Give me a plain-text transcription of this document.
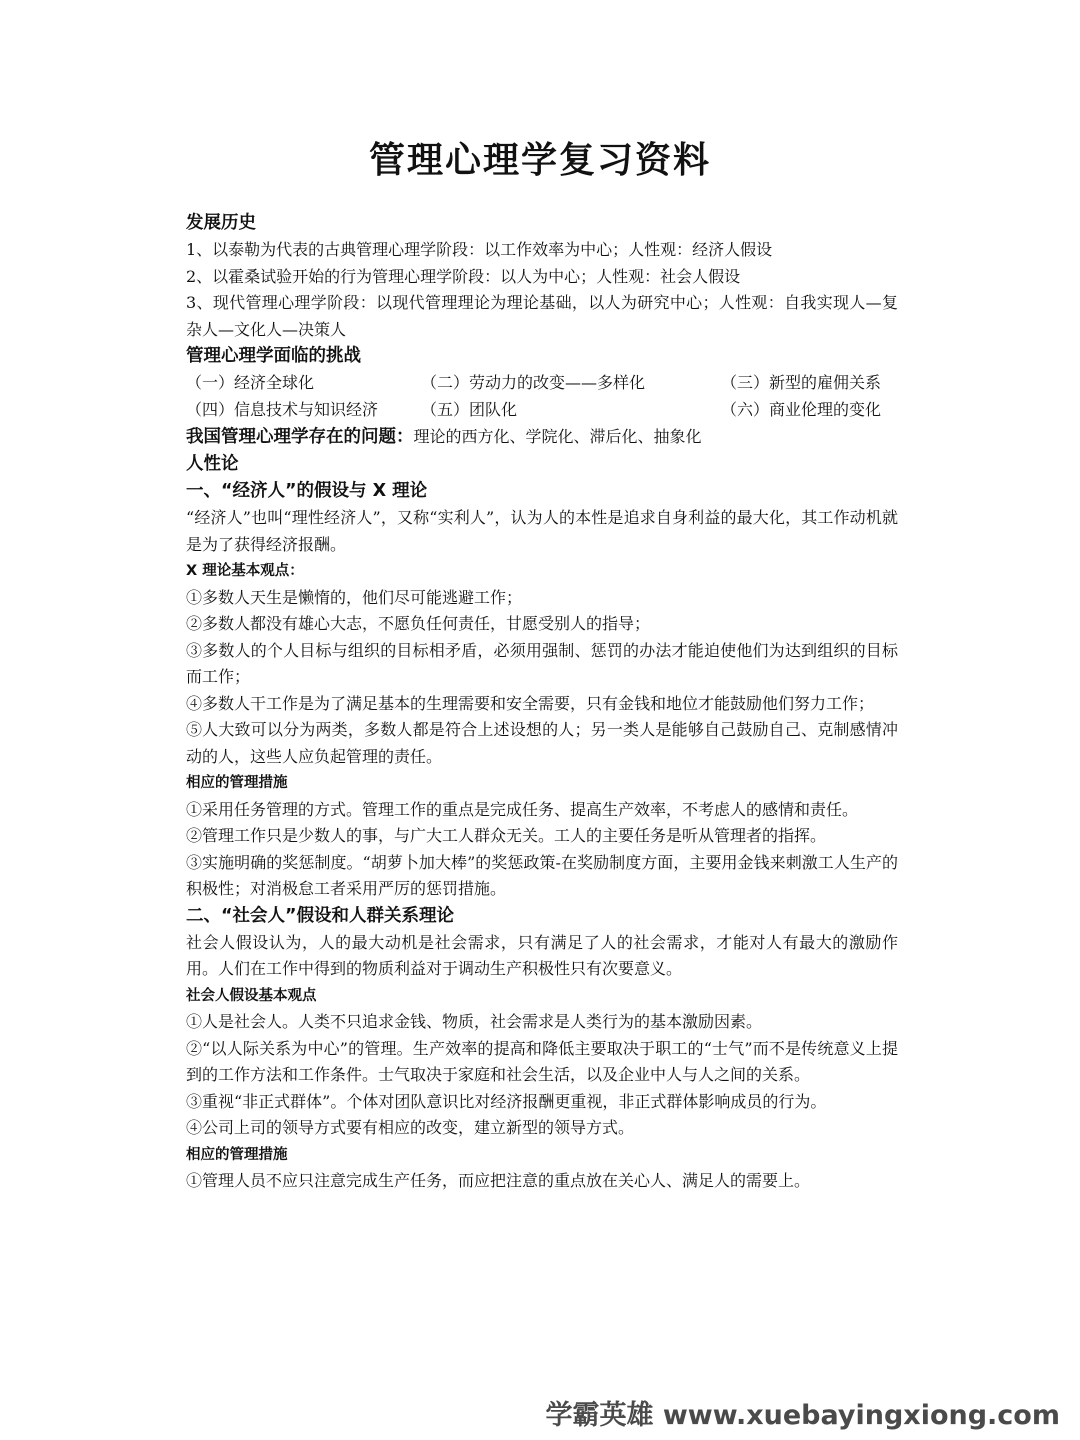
管理心理学复习资料

发展历史

1、以泰勒为代表的古典管理心理学阶段：以工作效率为中心；人性观：经济人假设

2、以霍桑试验开始的行为管理心理学阶段：以人为中心；人性观：社会人假设

3、现代管理心理学阶段：以现代管理理论为理论基础，以人为研究中心；人性观：自我实现人—复杂人—文化人—决策人

管理心理学面临的挑战

（一）经济全球化	（二）劳动力的改变——多样化	（三）新型的雇佣关系
（四）信息技术与知识经济	（五）团队化	（六）商业伦理的变化

我国管理心理学存在的问题：理论的西方化、学院化、滞后化、抽象化

人性论

一、“经济人”的假设与 X 理论

“经济人”也叫“理性经济人”，又称“实利人”，认为人的本性是追求自身利益的最大化，其工作动机就是为了获得经济报酬。

X 理论基本观点：

①多数人天生是懒惰的，他们尽可能逃避工作；

②多数人都没有雄心大志，不愿负任何责任，甘愿受别人的指导；

③多数人的个人目标与组织的目标相矛盾，必须用强制、惩罚的办法才能迫使他们为达到组织的目标而工作；

④多数人干工作是为了满足基本的生理需要和安全需要，只有金钱和地位才能鼓励他们努力工作；

⑤人大致可以分为两类，多数人都是符合上述设想的人；另一类人是能够自己鼓励自己、克制感情冲动的人，这些人应负起管理的责任。

相应的管理措施

①采用任务管理的方式。管理工作的重点是完成任务、提高生产效率，不考虑人的感情和责任。

②管理工作只是少数人的事，与广大工人群众无关。工人的主要任务是听从管理者的指挥。

③实施明确的奖惩制度。“胡萝卜加大棒”的奖惩政策-在奖励制度方面，主要用金钱来刺激工人生产的积极性；对消极怠工者采用严厉的惩罚措施。

二、“社会人”假设和人群关系理论

社会人假设认为，人的最大动机是社会需求，只有满足了人的社会需求，才能对人有最大的激励作用。人们在工作中得到的物质利益对于调动生产积极性只有次要意义。

社会人假设基本观点

①人是社会人。人类不只追求金钱、物质，社会需求是人类行为的基本激励因素。

②“以人际关系为中心”的管理。生产效率的提高和降低主要取决于职工的“士气”而不是传统意义上提到的工作方法和工作条件。士气取决于家庭和社会生活，以及企业中人与人之间的关系。

③重视“非正式群体”。个体对团队意识比对经济报酬更重视，非正式群体影响成员的行为。

④公司上司的领导方式要有相应的改变，建立新型的领导方式。

相应的管理措施

①管理人员不应只注意完成生产任务，而应把注意的重点放在关心人、满足人的需要上。

学霸英雄 www.xuebayingxiong.com
